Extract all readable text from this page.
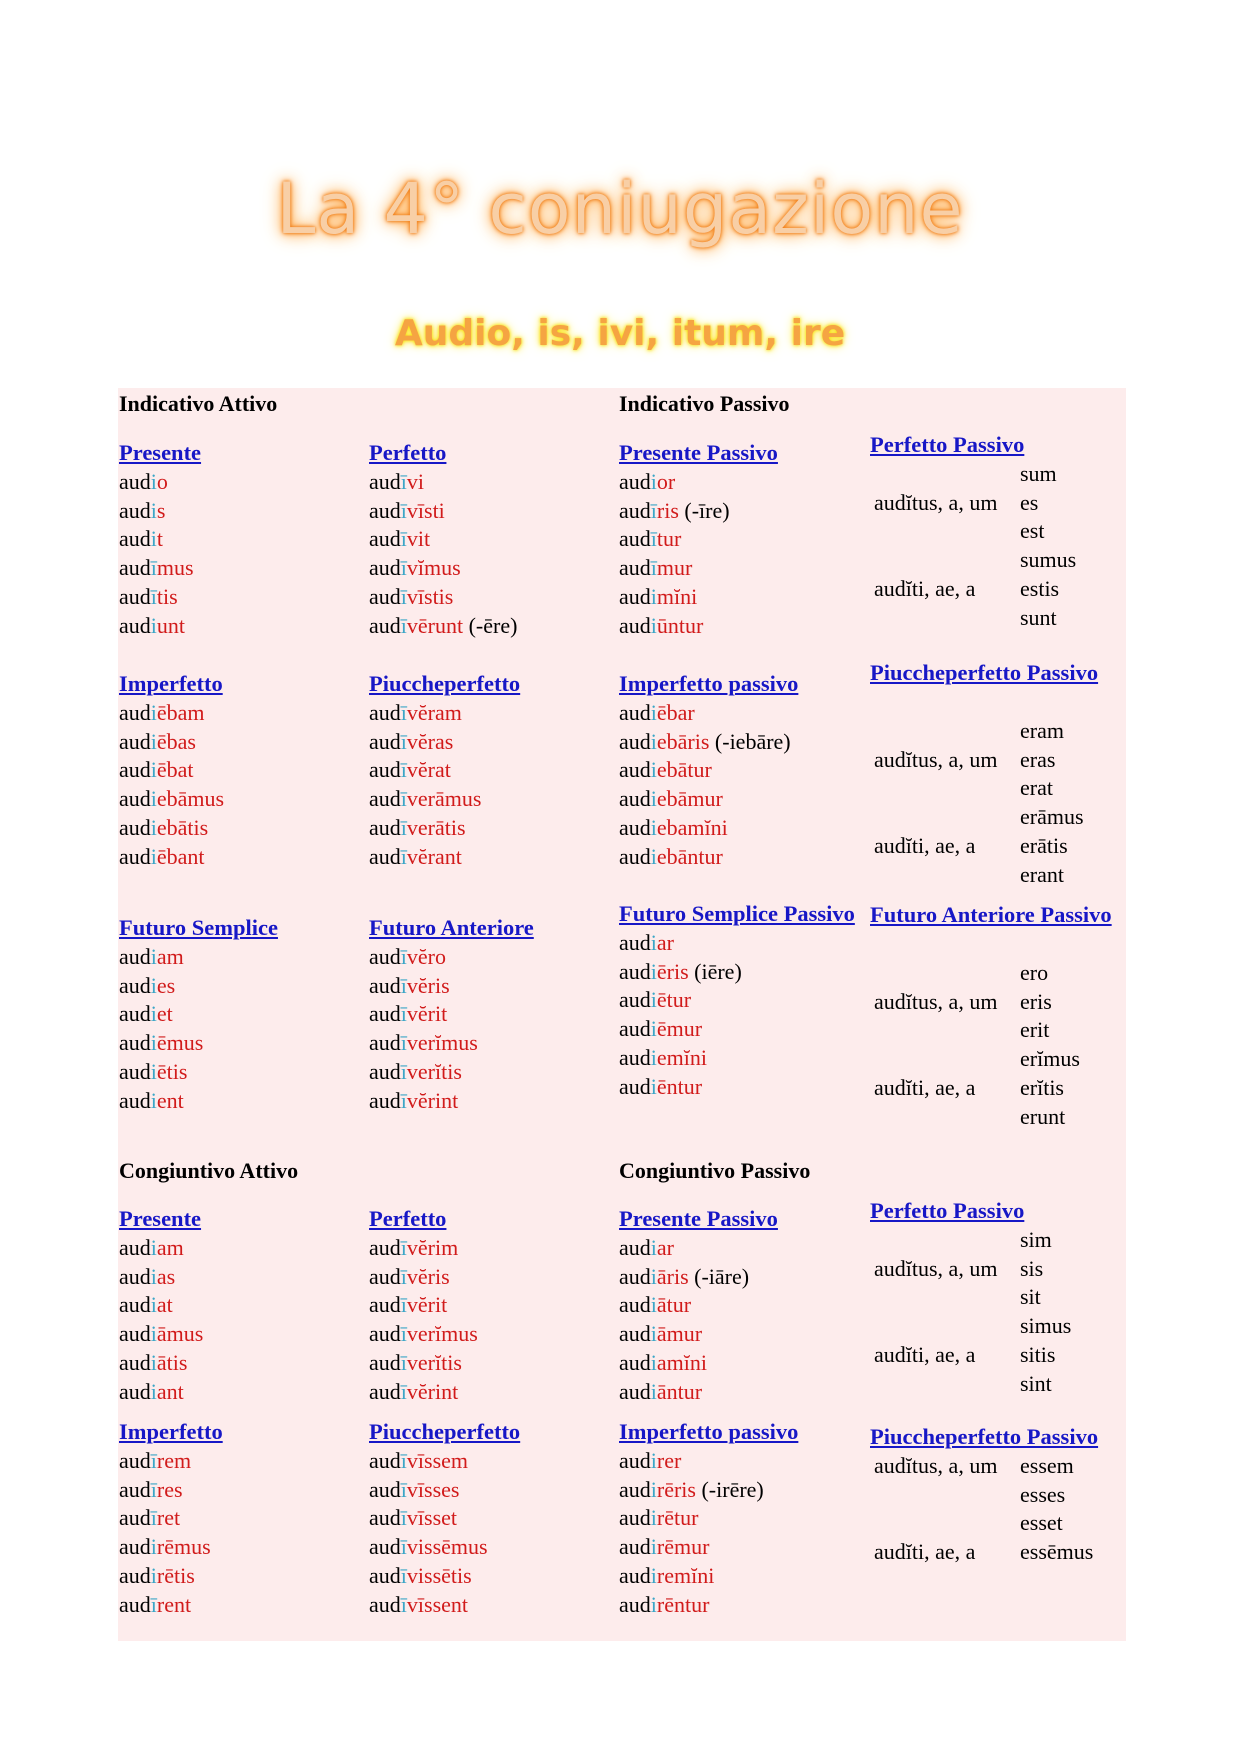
La 4° coniugazione
Audio, is, ivi, itum, ire
Indicativo Attivo	Indicativo Passivo
Congiuntivo Attivo	Congiuntivo Passivo
Presente
audio
audis
audit
audīmus
audītis
audiunt
Perfetto
audīvi
audīvīsti
audīvit
audīvĭmus
audīvīstis
audīvērunt (-ēre)
Presente Passivo
audior
audīris (-īre)
audītur
audīmur
audimĭni
audiūntur
Imperfetto
audiēbam
audiēbas
audiēbat
audiebāmus
audiebātis
audiēbant
Piuccheperfetto
audīvĕram
audīvĕras
audīvĕrat
audīverāmus
audīverātis
audīvĕrant
Imperfetto passivo
audiēbar
audiebāris (-iebāre)
audiebātur
audiebāmur
audiebamĭni
audiebāntur
Futuro Semplice
audiam
audies
audiet
audiēmus
audiētis
audient
Futuro Anteriore
audīvĕro
audīvĕris
audīvĕrit
audīverĭmus
audīverĭtis
audīvĕrint
Futuro Semplice Passivo
audiar
audiēris (iēre)
audiētur
audiēmur
audiemĭni
audiēntur
Presente
audiam
audias
audiat
audiāmus
audiātis
audiant
Perfetto
audīvĕrim
audīvĕris
audīvĕrit
audīverĭmus
audīverĭtis
audīvĕrint
Presente Passivo
audiar
audiāris (-iāre)
audiātur
audiāmur
audiamĭni
audiāntur
Imperfetto
audīrem
audīres
audīret
audirēmus
audirētis
audīrent
Piuccheperfetto
audīvīssem
audīvīsses
audīvīsset
audīvissēmus
audīvissētis
audīvīssent
Imperfetto passivo
audirer
audirēris (-irēre)
audirētur
audirēmur
audiremĭni
audirēntur
Perfetto Passivo
sum
audĭtus, a, um es
est
sumus
audĭti, ae, a estis
sunt
Piuccheperfetto Passivo
eram
audĭtus, a, um eras
erat
erāmus
audĭti, ae, a erātis
erant
Futuro Anteriore Passivo
ero
audĭtus, a, um eris
erit
erĭmus
audĭti, ae, a erĭtis
erunt
Perfetto Passivo
sim
audĭtus, a, um sis
sit
simus
audĭti, ae, a sitis
sint
Piuccheperfetto Passivo
audĭtus, a, um essem
esses
esset
audĭti, ae, a essēmus
